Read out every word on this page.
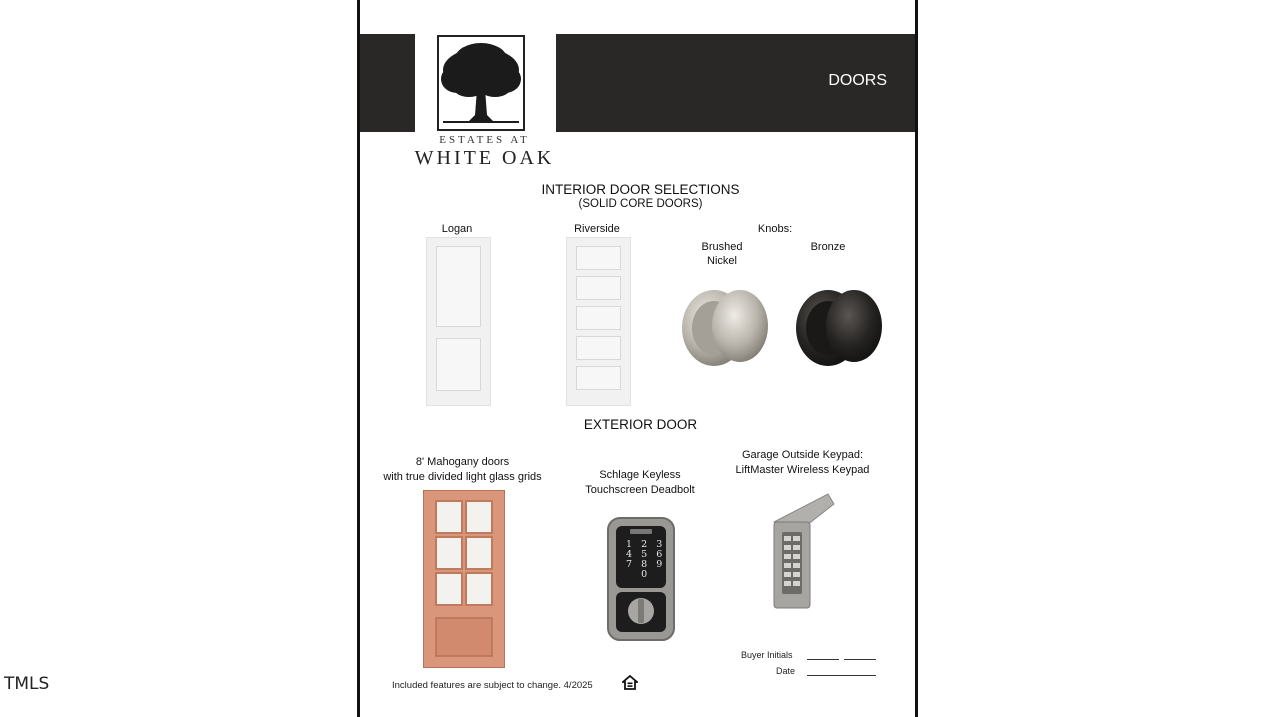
TMLS
DOORS
ESTATES AT
WHITE OAK
INTERIOR DOOR SELECTIONS
(SOLID CORE DOORS)
Logan	Riverside	Knobs:
Brushed
Nickel
Bronze
EXTERIOR DOOR
8' Mahogany doors
with true divided light glass grids	Schlage Keyless
Touchscreen Deadbolt
Garage Outside Keypad:
LiftMaster Wireless Keypad
1 2 3
4 5 6
7 8 9
0
Buyer Initials
Date
Included features are subject to change. 4/2025
